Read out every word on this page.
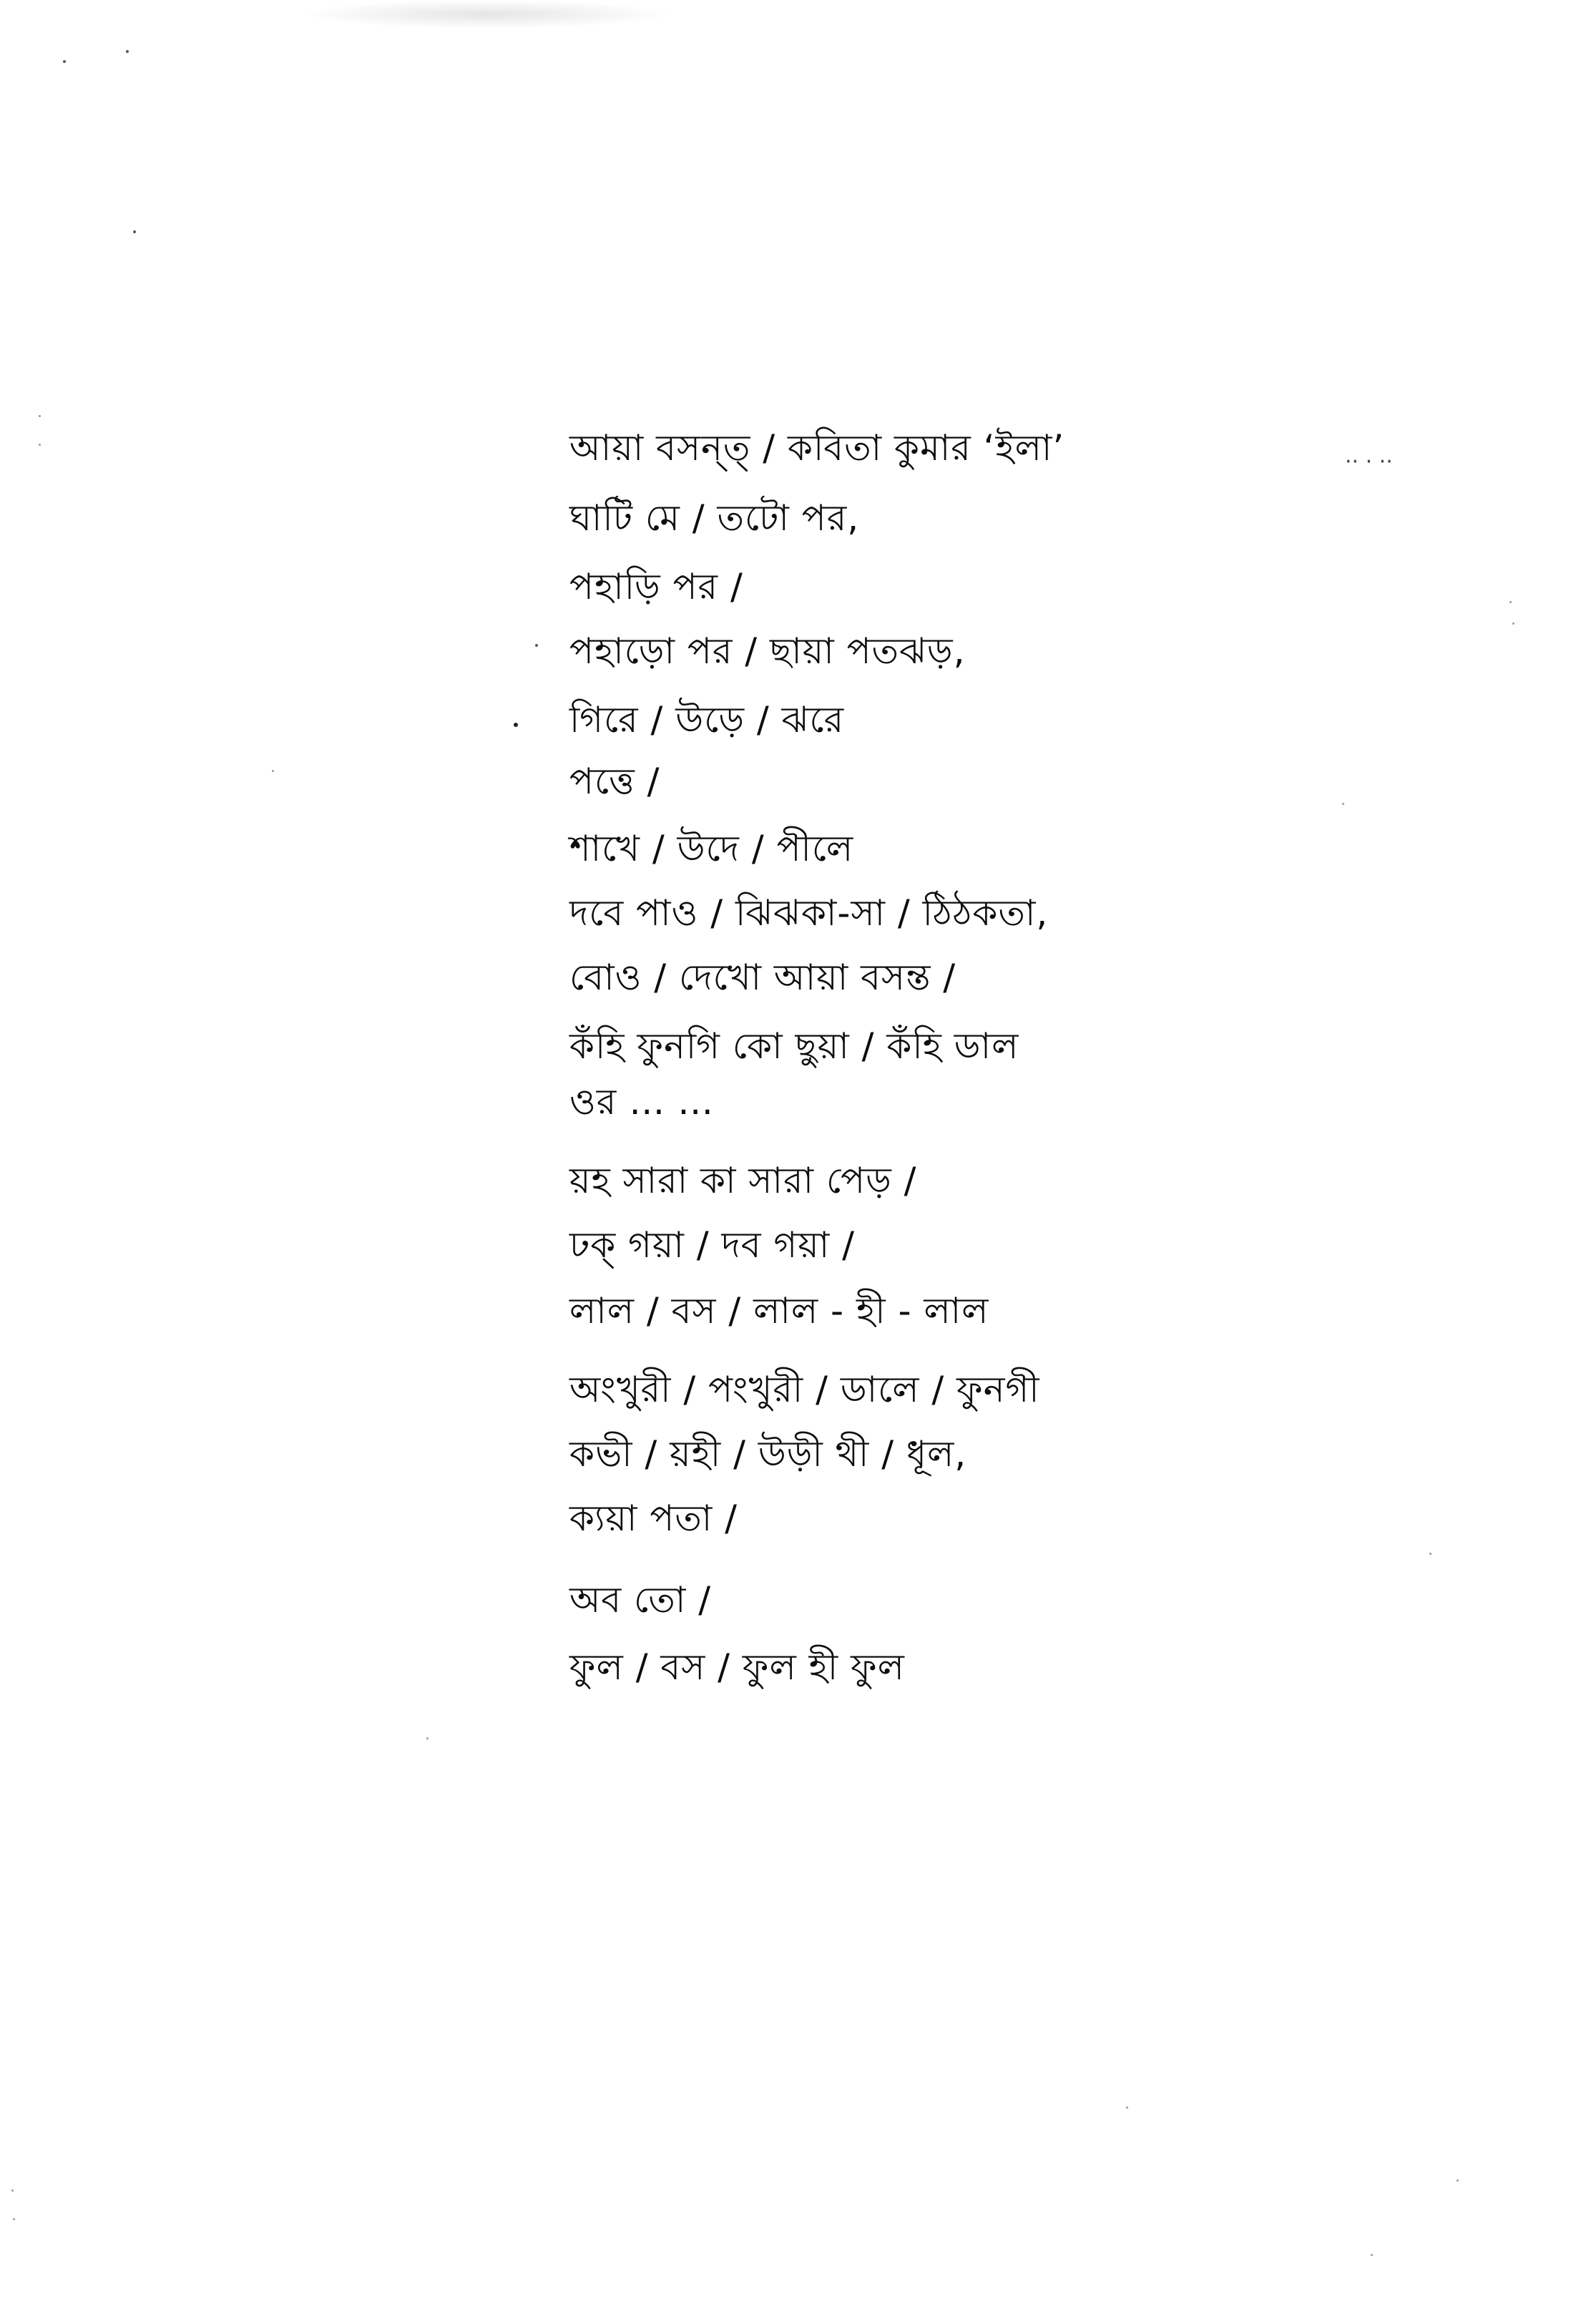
·· · ··
আয়া বসন্ত্ / কবিতা কুমার ‘ইলা’
ঘাটি মে / তটো পর,
পহাড়ি পর /
পহাড়ো পর / ছায়া পতঝড়,
গিরে / উড়ে / ঝরে
পত্তে /
শাখে / উদে / পীলে
দবে পাও / ঝিঝকা-সা / ঠিঠকতা,
বোও / দেখো আয়া বসন্ত /
কঁহি ফুনগি কো ছুয়া / কঁহি ডাল
ওর … …
য়হ সারা কা সারা পেড় /
ঢক্ গয়া / দব গয়া /
লাল / বস / লাল - হী - লাল
অংখুরী / পংখুরী / ডালে / ফুনগী
কভী / য়হী / উড়ী থী / ধূল,
ক্যয়া পতা /
অব তো /
ফুল / বস / ফুল হী ফুল
